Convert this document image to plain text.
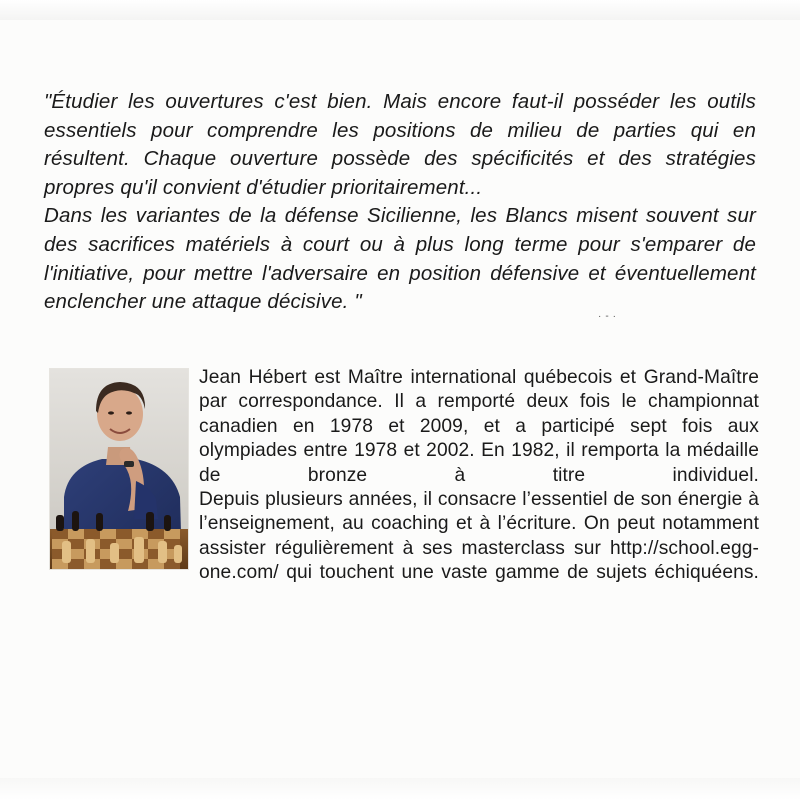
"Étudier les ouvertures c'est bien. Mais encore faut-il posséder les outils essentiels pour comprendre les positions de milieu de parties qui en résultent. Chaque ouverture possède des spécificités et des stratégies propres qu'il convient d'étudier prioritairement...

Dans les variantes de la défense Sicilienne, les Blancs misent souvent sur des sacrifices matériels à court ou à plus long terme pour s'emparer de l'initiative, pour mettre l'adversaire en position défensive et éventuellement enclencher une attaque décisive. "

·‐·

Jean Hébert est Maître international québecois et Grand-Maître par correspondance. Il a remporté deux fois le championnat canadien en 1978 et 2009, et a participé sept fois aux olympiades entre 1978 et 2002. En 1982, il remporta la médaille de bronze à titre individuel.

Depuis plusieurs années, il consacre l’essentiel de son énergie à l’enseignement, au coaching et à l’écriture. On peut notamment assister régulièrement à ses masterclass sur http://school.egg-one.com/ qui touchent une vaste gamme de sujets échiquéens.
